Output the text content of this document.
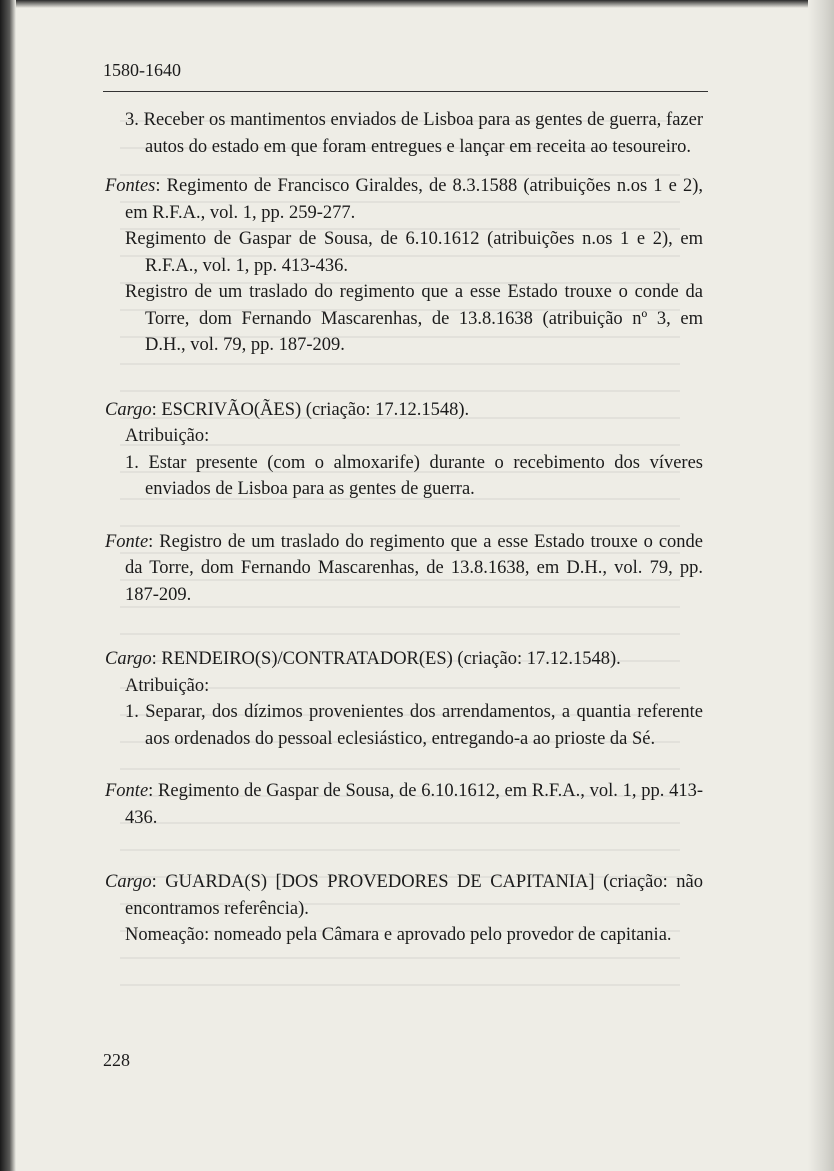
1580-1640

3. Receber os mantimentos enviados de Lisboa para as gentes de guerra, fazer autos do estado em que foram entregues e lançar em receita ao tesoureiro.

Fontes: Regimento de Francisco Giraldes, de 8.3.1588 (atribuições n.os 1 e 2), em R.F.A., vol. 1, pp. 259-277.

Regimento de Gaspar de Sousa, de 6.10.1612 (atribuições n.os 1 e 2), em R.F.A., vol. 1, pp. 413-436.

Registro de um traslado do regimento que a esse Estado trouxe o conde da Torre, dom Fernando Mascarenhas, de 13.8.1638 (atribuição nº 3, em D.H., vol. 79, pp. 187-209.

Cargo: ESCRIVÃO(ÃES) (criação: 17.12.1548).

Atribuição:

1. Estar presente (com o almoxarife) durante o recebimento dos víveres enviados de Lisboa para as gentes de guerra.

Fonte: Registro de um traslado do regimento que a esse Estado trouxe o conde da Torre, dom Fernando Mascarenhas, de 13.8.1638, em D.H., vol. 79, pp. 187-209.

Cargo: RENDEIRO(S)/CONTRATADOR(ES) (criação: 17.12.1548).

Atribuição:

1. Separar, dos dízimos provenientes dos arrendamentos, a quantia referente aos ordenados do pessoal eclesiástico, entregando-a ao prioste da Sé.

Fonte: Regimento de Gaspar de Sousa, de 6.10.1612, em R.F.A., vol. 1, pp. 413-436.

Cargo: GUARDA(S) [DOS PROVEDORES DE CAPITANIA] (criação: não encontramos referência).

Nomeação: nomeado pela Câmara e aprovado pelo provedor de capitania.

228
